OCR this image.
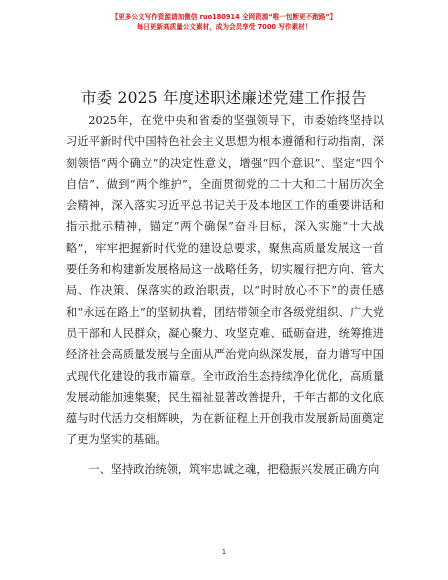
【更多公文写作资源请加微信 ruo180914 全网资源“唯一包断更不跑路”】
每日更新高质量公文素材，成为会员享受 7000 写作素材！
市委 2025 年度述职述廉述党建工作报告

2025年，在党中央和省委的坚强领导下，市委始终坚持以习近平新时代中国特色社会主义思想为根本遵循和行动指南，深刻领悟“两个确立”的决定性意义，增强“四个意识”、坚定“四个自信”、做到“两个维护”，全面贯彻党的二十大和二十届历次全会精神，深入落实习近平总书记关于及本地区工作的重要讲话和指示批示精神，锚定“两个确保”奋斗目标，深入实施“十大战略”，牢牢把握新时代党的建设总要求，聚焦高质量发展这一首要任务和构建新发展格局这一战略任务，切实履行把方向、管大局、作决策、保落实的政治职责，以“时时放心不下”的责任感和“永远在路上”的坚韧执着，团结带领全市各级党组织、广大党员干部和人民群众，凝心聚力、攻坚克难、砥砺奋进，统筹推进经济社会高质量发展与全面从严治党向纵深发展，奋力谱写中国式现代化建设的我市篇章。全市政治生态持续净化优化，高质量发展动能加速集聚，民生福祉显著改善提升，千年古都的文化底蕴与时代活力交相辉映，为在新征程上开创我市发展新局面奠定了更为坚实的基础。

一、坚持政治统领，筑牢忠诚之魂，把稳振兴发展正确方向

1
